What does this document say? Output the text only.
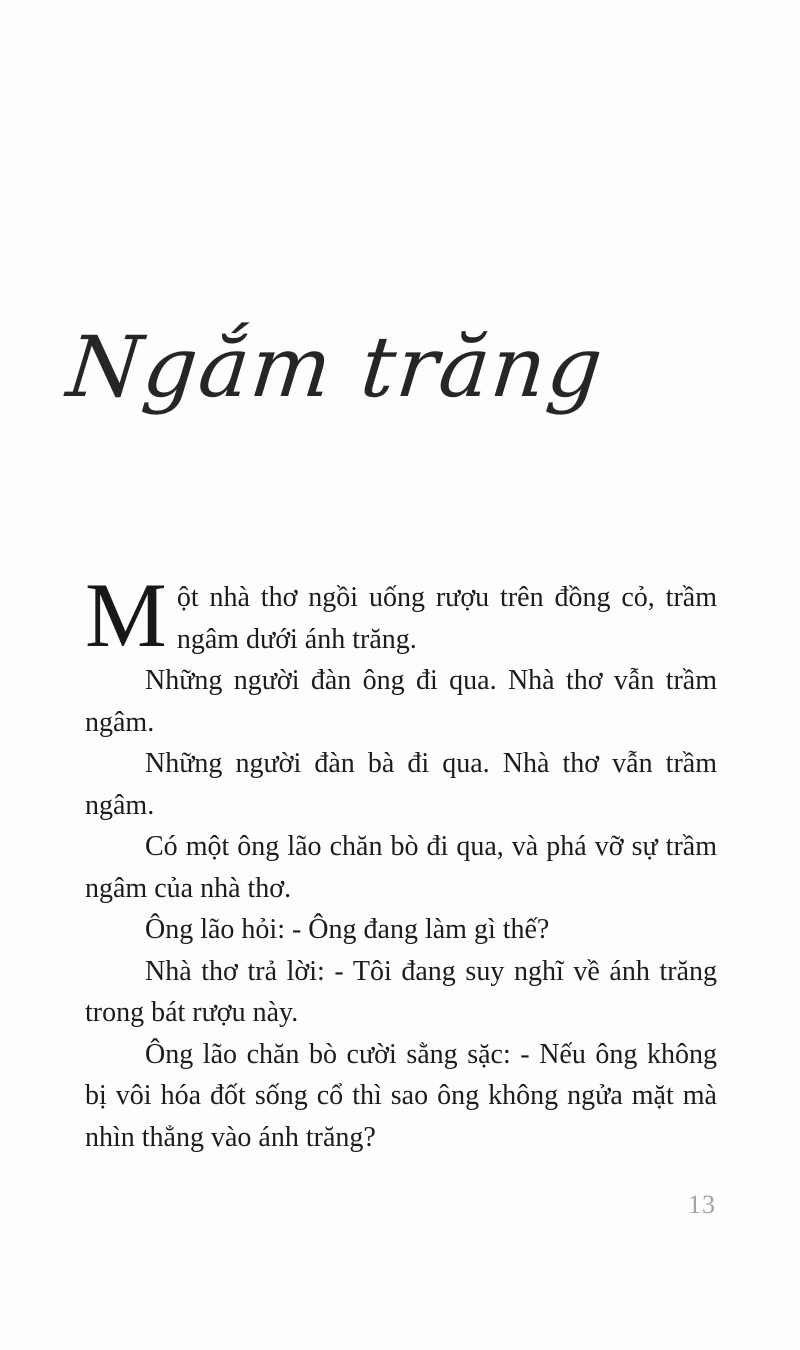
Ngắm trăng

M ột nhà thơ ngồi uống rượu trên đồng cỏ, trầm ngâm dưới ánh trăng.

Những người đàn ông đi qua. Nhà thơ vẫn trầm ngâm.

Những người đàn bà đi qua. Nhà thơ vẫn trầm ngâm.

Có một ông lão chăn bò đi qua, và phá vỡ sự trầm ngâm của nhà thơ.

Ông lão hỏi: - Ông đang làm gì thế?

Nhà thơ trả lời: - Tôi đang suy nghĩ về ánh trăng trong bát rượu này.

Ông lão chăn bò cười sằng sặc: - Nếu ông không bị vôi hóa đốt sống cổ thì sao ông không ngửa mặt mà nhìn thẳng vào ánh trăng?

13
